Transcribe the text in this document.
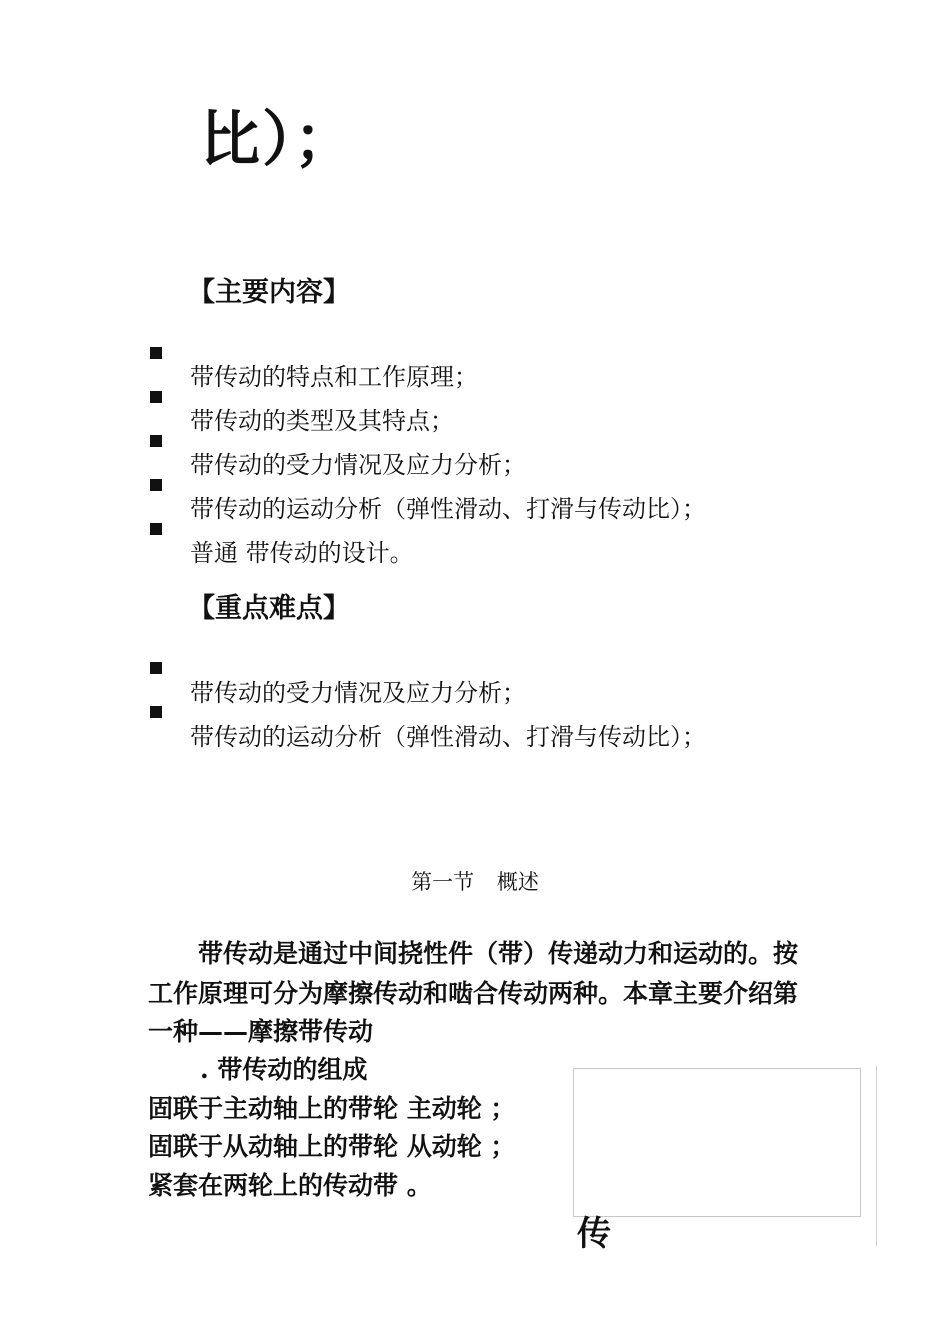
比）；
【主要内容】
带传动的特点和工作原理；
带传动的类型及其特点；
带传动的受力情况及应力分析；
带传动的运动分析（弹性滑动、打滑与传动比）；
普通 带传动的设计。
【重点难点】
带传动的受力情况及应力分析；
带传动的运动分析（弹性滑动、打滑与传动比）；
第一节 概述
带传动是通过中间挠性件（带）传递动力和运动的。按
工作原理可分为摩擦传动和啮合传动两种。本章主要介绍第
一种——摩擦带传动
. 带传动的组成
固联于主动轴上的带轮 主动轮 ；
固联于从动轴上的带轮 从动轮 ；
紧套在两轮上的传动带 。
传
